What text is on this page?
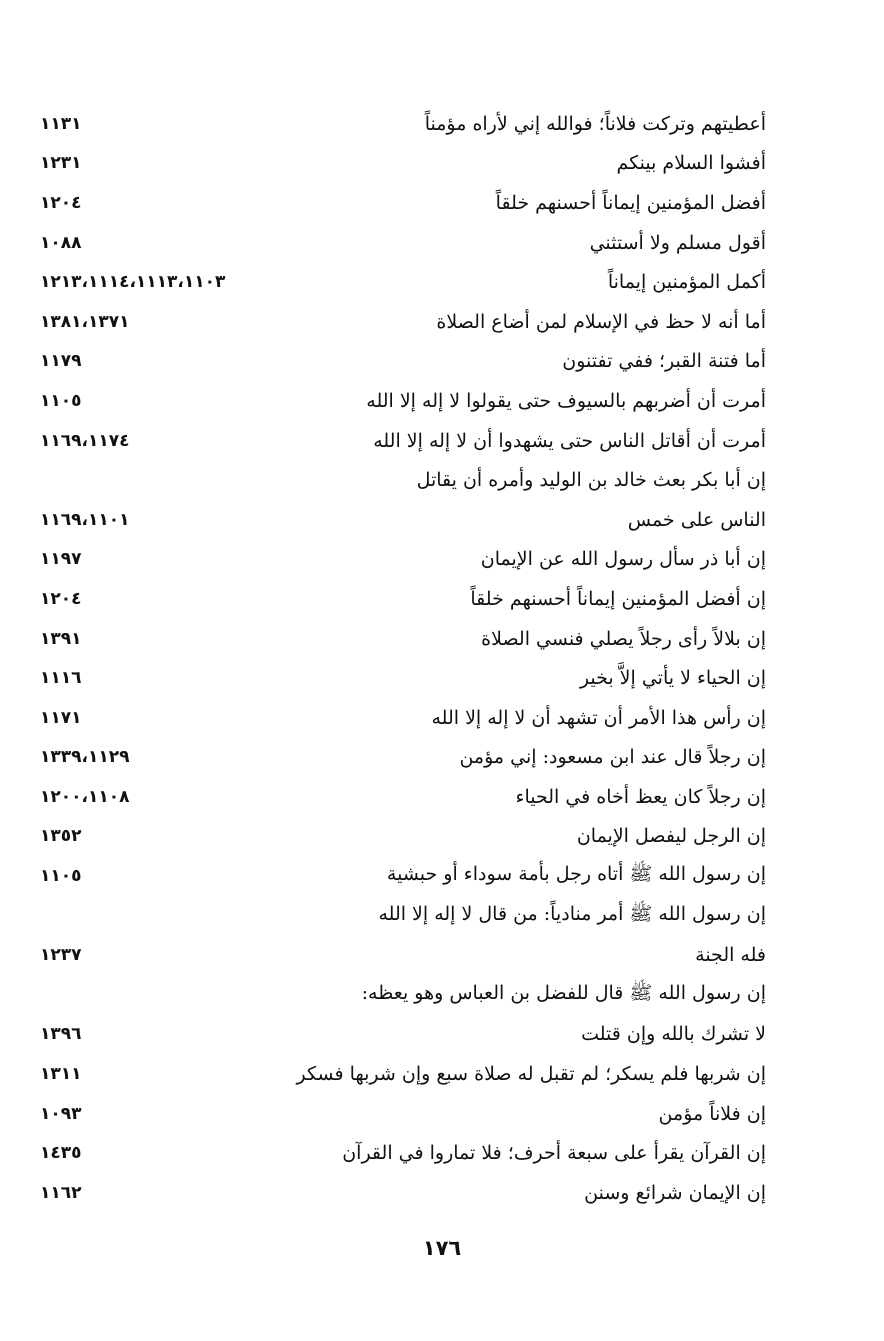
أعطيتهم وتركت فلاناً؛ فوالله إني لأراه مؤمناً
١١٣١
أفشوا السلام بينكم
١٢٣١
أفضل المؤمنين إيماناً أحسنهم خلقاً
١٢٠٤
أقول مسلم ولا أستثني
١٠٨٨
أكمل المؤمنين إيماناً
١٢١٣،١١١٤،١١١٣،١١٠٣
أما أنه لا حظ في الإسلام لمن أضاع الصلاة
١٣٨١،١٣٧١
أما فتنة القبر؛ ففي تفتنون
١١٧٩
أمرت أن أضربهم بالسيوف حتى يقولوا لا إله إلا الله
١١٠٥
أمرت أن أقاتل الناس حتى يشهدوا أن لا إله إلا الله
١١٦٩،١١٧٤
إن أبا بكر بعث خالد بن الوليد وأمره أن يقاتل
الناس على خمس
١١٦٩،١١٠١
إن أبا ذر سأل رسول الله عن الإيمان
١١٩٧
إن أفضل المؤمنين إيماناً أحسنهم خلقاً
١٢٠٤
إن بلالاً رأى رجلاً يصلي فنسي الصلاة
١٣٩١
إن الحياء لا يأتي إلاَّ بخير
١١١٦
إن رأس هذا الأمر أن تشهد أن لا إله إلا الله
١١٧١
إن رجلاً قال عند ابن مسعود: إني مؤمن
١٣٣٩،١١٢٩
إن رجلاً كان يعظ أخاه في الحياء
١٢٠٠،١١٠٨
إن الرجل ليفصل الإيمان
١٣٥٢
إن رسول الله ﷺ أتاه رجل بأمة سوداء أو حبشية
١١٠٥
إن رسول الله ﷺ أمر منادياً: من قال لا إله إلا الله
فله الجنة
١٢٣٧
إن رسول الله ﷺ قال للفضل بن العباس وهو يعظه:
لا تشرك بالله وإن قتلت
١٣٩٦
إن شربها فلم يسكر؛ لم تقبل له صلاة سبع وإن شربها فسكر
١٣١١
إن فلاناً مؤمن
١٠٩٣
إن القرآن يقرأ على سبعة أحرف؛ فلا تماروا في القرآن
١٤٣٥
إن الإيمان شرائع وسنن
١١٦٢
١٧٦
